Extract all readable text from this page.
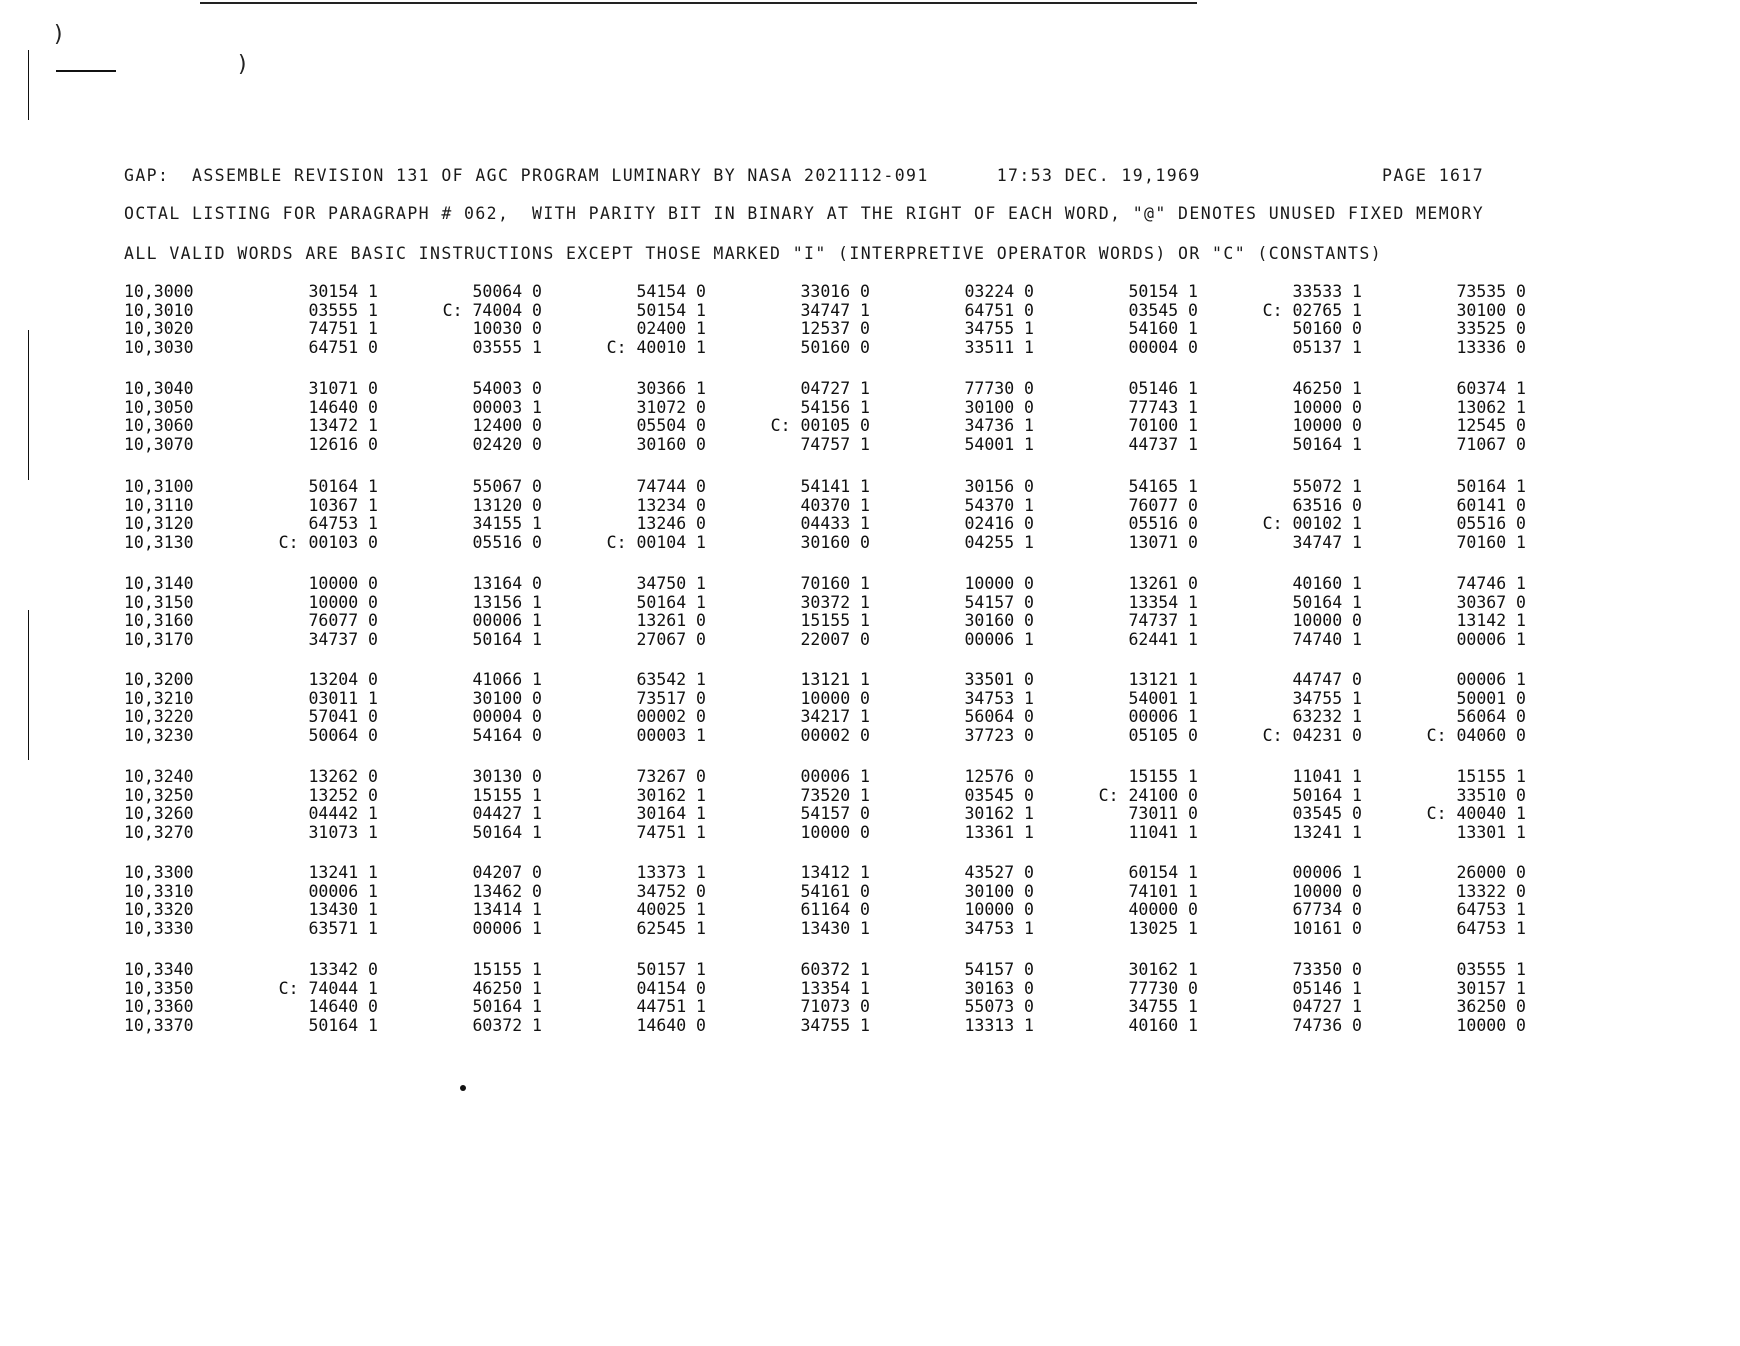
)
)
GAP:  ASSEMBLE REVISION 131 OF AGC PROGRAM LUMINARY BY NASA 2021112-091      17:53 DEC. 19,1969                PAGE 1617
OCTAL LISTING FOR PARAGRAPH # 062,  WITH PARITY BIT IN BINARY AT THE RIGHT OF EACH WORD, "@" DENOTES UNUSED FIXED MEMORY
ALL VALID WORDS ARE BASIC INSTRUCTIONS EXCEPT THOSE MARKED "I" (INTERPRETIVE OPERATOR WORDS) OR "C" (CONSTANTS)
10,3000	30154 1	50064 0	54154 0	33016 0	03224 0	50154 1	33533 1	73535 0
10,3010	03555 1	C: 74004 0	50154 1	34747 1	64751 0	03545 0	C: 02765 1	30100 0
10,3020	74751 1	10030 0	02400 1	12537 0	34755 1	54160 1	50160 0	33525 0
10,3030	64751 0	03555 1	C: 40010 1	50160 0	33511 1	00004 0	05137 1	13336 0
10,3040	31071 0	54003 0	30366 1	04727 1	77730 0	05146 1	46250 1	60374 1
10,3050	14640 0	00003 1	31072 0	54156 1	30100 0	77743 1	10000 0	13062 1
10,3060	13472 1	12400 0	05504 0	C: 00105 0	34736 1	70100 1	10000 0	12545 0
10,3070	12616 0	02420 0	30160 0	74757 1	54001 1	44737 1	50164 1	71067 0
10,3100	50164 1	55067 0	74744 0	54141 1	30156 0	54165 1	55072 1	50164 1
10,3110	10367 1	13120 0	13234 0	40370 1	54370 1	76077 0	63516 0	60141 0
10,3120	64753 1	34155 1	13246 0	04433 1	02416 0	05516 0	C: 00102 1	05516 0
10,3130	C: 00103 0	05516 0	C: 00104 1	30160 0	04255 1	13071 0	34747 1	70160 1
10,3140	10000 0	13164 0	34750 1	70160 1	10000 0	13261 0	40160 1	74746 1
10,3150	10000 0	13156 1	50164 1	30372 1	54157 0	13354 1	50164 1	30367 0
10,3160	76077 0	00006 1	13261 0	15155 1	30160 0	74737 1	10000 0	13142 1
10,3170	34737 0	50164 1	27067 0	22007 0	00006 1	62441 1	74740 1	00006 1
10,3200	13204 0	41066 1	63542 1	13121 1	33501 0	13121 1	44747 0	00006 1
10,3210	03011 1	30100 0	73517 0	10000 0	34753 1	54001 1	34755 1	50001 0
10,3220	57041 0	00004 0	00002 0	34217 1	56064 0	00006 1	63232 1	56064 0
10,3230	50064 0	54164 0	00003 1	00002 0	37723 0	05105 0	C: 04231 0	C: 04060 0
10,3240	13262 0	30130 0	73267 0	00006 1	12576 0	15155 1	11041 1	15155 1
10,3250	13252 0	15155 1	30162 1	73520 1	03545 0	C: 24100 0	50164 1	33510 0
10,3260	04442 1	04427 1	30164 1	54157 0	30162 1	73011 0	03545 0	C: 40040 1
10,3270	31073 1	50164 1	74751 1	10000 0	13361 1	11041 1	13241 1	13301 1
10,3300	13241 1	04207 0	13373 1	13412 1	43527 0	60154 1	00006 1	26000 0
10,3310	00006 1	13462 0	34752 0	54161 0	30100 0	74101 1	10000 0	13322 0
10,3320	13430 1	13414 1	40025 1	61164 0	10000 0	40000 0	67734 0	64753 1
10,3330	63571 1	00006 1	62545 1	13430 1	34753 1	13025 1	10161 0	64753 1
10,3340	13342 0	15155 1	50157 1	60372 1	54157 0	30162 1	73350 0	03555 1
10,3350	C: 74044 1	46250 1	04154 0	13354 1	30163 0	77730 0	05146 1	30157 1
10,3360	14640 0	50164 1	44751 1	71073 0	55073 0	34755 1	04727 1	36250 0
10,3370	50164 1	60372 1	14640 0	34755 1	13313 1	40160 1	74736 0	10000 0
